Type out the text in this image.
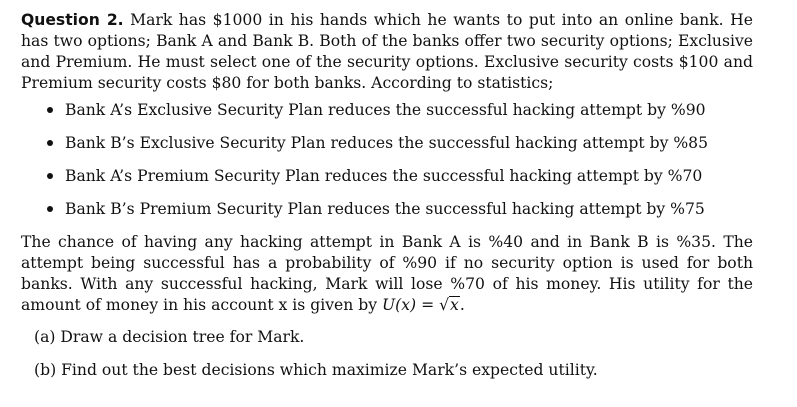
Question 2. Mark has $1000 in his hands which he wants to put into an online bank. He has two options; Bank A and Bank B. Both of the banks offer two security options; Exclusive and Premium. He must select one of the security options. Exclusive security costs $100 and Premium security costs $80 for both banks. According to statistics;

Bank A’s Exclusive Security Plan reduces the successful hacking attempt by %90
Bank B’s Exclusive Security Plan reduces the successful hacking attempt by %85
Bank A’s Premium Security Plan reduces the successful hacking attempt by %70
Bank B’s Premium Security Plan reduces the successful hacking attempt by %75

The chance of having any hacking attempt in Bank A is %40 and in Bank B is %35. The attempt being successful has a probability of %90 if no security option is used for both banks. With any successful hacking, Mark will lose %70 of his money. His utility for the amount of money in his account x is given by U(x) = √x.

(a) Draw a decision tree for Mark.
(b) Find out the best decisions which maximize Mark’s expected utility.
